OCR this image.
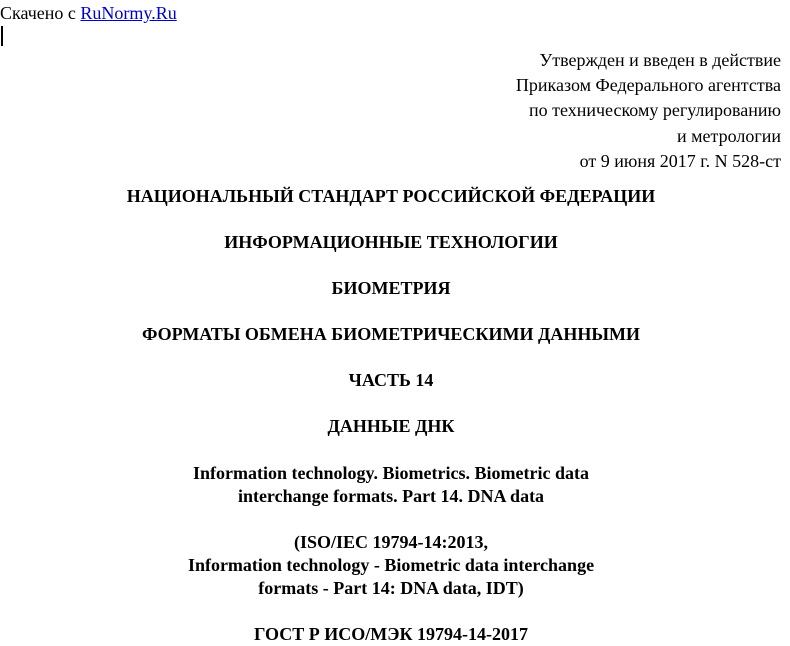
Скачено с RuNormy.Ru
Утвержден и введен в действие
Приказом Федерального агентства
по техническому регулированию
и метрологии
от 9 июня 2017 г. N 528-ст
НАЦИОНАЛЬНЫЙ СТАНДАРТ РОССИЙСКОЙ ФЕДЕРАЦИИ
ИНФОРМАЦИОННЫЕ ТЕХНОЛОГИИ
БИОМЕТРИЯ
ФОРМАТЫ ОБМЕНА БИОМЕТРИЧЕСКИМИ ДАННЫМИ
ЧАСТЬ 14
ДАННЫЕ ДНК
Information technology. Biometrics. Biometric data
interchange formats. Part 14. DNA data
(ISO/IEC 19794-14:2013,
Information technology - Biometric data interchange
formats - Part 14: DNA data, IDT)
ГОСТ Р ИСО/МЭК 19794-14-2017
